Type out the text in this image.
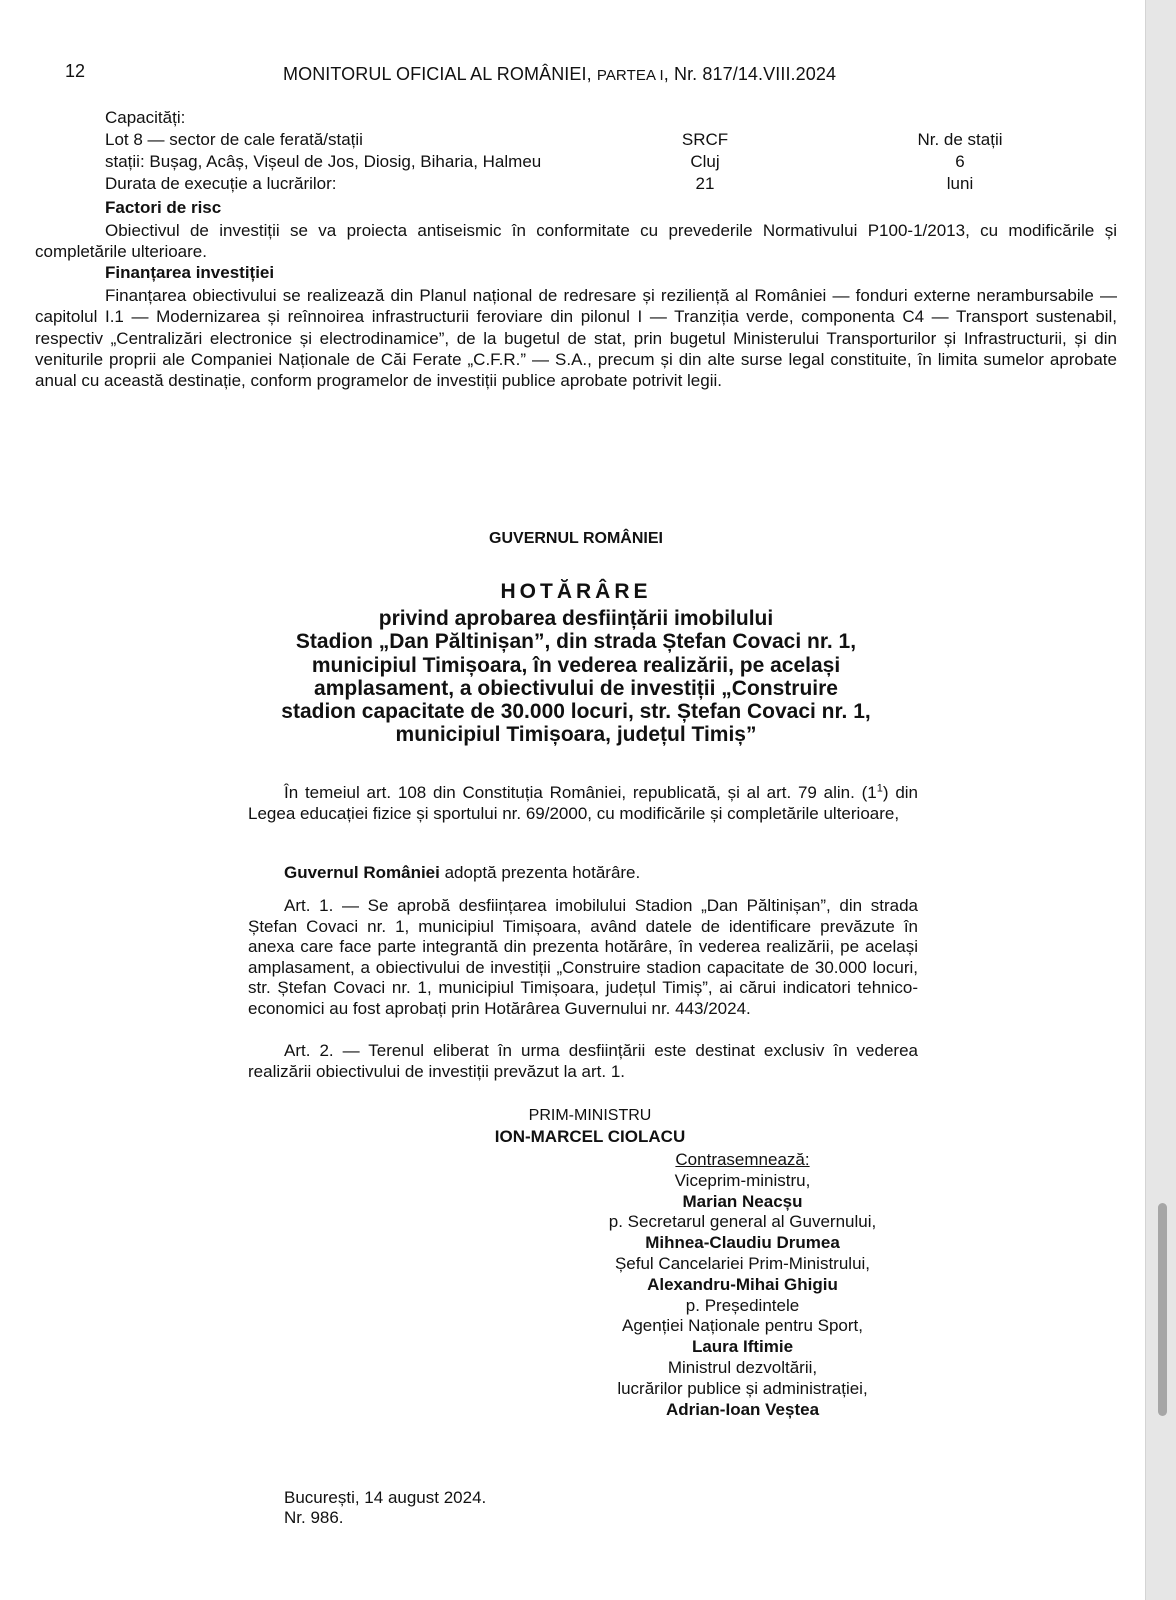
12	MONITORUL OFICIAL AL ROMÂNIEI, PARTEA I, Nr. 817/14.VIII.2024
Capacități:
Lot 8 — sector de cale ferată/stații	SRCF	Nr. de stații
stații: Bușag, Acâș, Vișeul de Jos, Diosig, Biharia, Halmeu	Cluj	6
Durata de execuție a lucrărilor:	21	luni
Factori de risc
Obiectivul de investiții se va proiecta antiseismic în conformitate cu prevederile Normativului P100-1/2013, cu modificările și completările ulterioare.
Finanțarea investiției
Finanțarea obiectivului se realizează din Planul național de redresare și reziliență al României — fonduri externe nerambursabile — capitolul I.1 — Modernizarea și reînnoirea infrastructurii feroviare din pilonul I — Tranziția verde, componenta C4 — Transport sustenabil, respectiv „Centralizări electronice și electrodinamice”, de la bugetul de stat, prin bugetul Ministerului Transporturilor și Infrastructurii, și din veniturile proprii ale Companiei Naționale de Căi Ferate „C.F.R.” — S.A., precum și din alte surse legal constituite, în limita sumelor aprobate anual cu această destinație, conform programelor de investiții publice aprobate potrivit legii.
GUVERNUL ROMÂNIEI
HOTĂRÂRE
privind aprobarea desființării imobilului
Stadion „Dan Păltinișan”, din strada Ștefan Covaci nr. 1,
municipiul Timișoara, în vederea realizării, pe același
amplasament, a obiectivului de investiții „Construire
stadion capacitate de 30.000 locuri, str. Ștefan Covaci nr. 1,
municipiul Timișoara, județul Timiș”
În temeiul art. 108 din Constituția României, republicată, și al art. 79 alin. $(1^1)$ din Legea educației fizice și sportului nr. 69/2000, cu modificările și completările ulterioare,
Guvernul României adoptă prezenta hotărâre.
Art. 1. — Se aprobă desființarea imobilului Stadion „Dan Păltinișan”, din strada Ștefan Covaci nr. 1, municipiul Timișoara, având datele de identificare prevăzute în anexa care face parte integrantă din prezenta hotărâre, în vederea realizării, pe același amplasament, a obiectivului de investiții „Construire stadion capacitate de 30.000 locuri, str. Ștefan Covaci nr. 1, municipiul Timișoara, județul Timiș”, ai cărui indicatori tehnico-economici au fost aprobați prin Hotărârea Guvernului nr. 443/2024.
Art. 2. — Terenul eliberat în urma desființării este destinat exclusiv în vederea realizării obiectivului de investiții prevăzut la art. 1.
PRIM-MINISTRU
ION-MARCEL CIOLACU
Contrasemnează:
Viceprim-ministru,
Marian Neacșu
p. Secretarul general al Guvernului,
Mihnea-Claudiu Drumea
Șeful Cancelariei Prim-Ministrului,
Alexandru-Mihai Ghigiu
p. Președintele
Agenției Naționale pentru Sport,
Laura Iftimie
Ministrul dezvoltării,
lucrărilor publice și administrației,
Adrian-Ioan Veștea
București, 14 august 2024.
Nr. 986.
